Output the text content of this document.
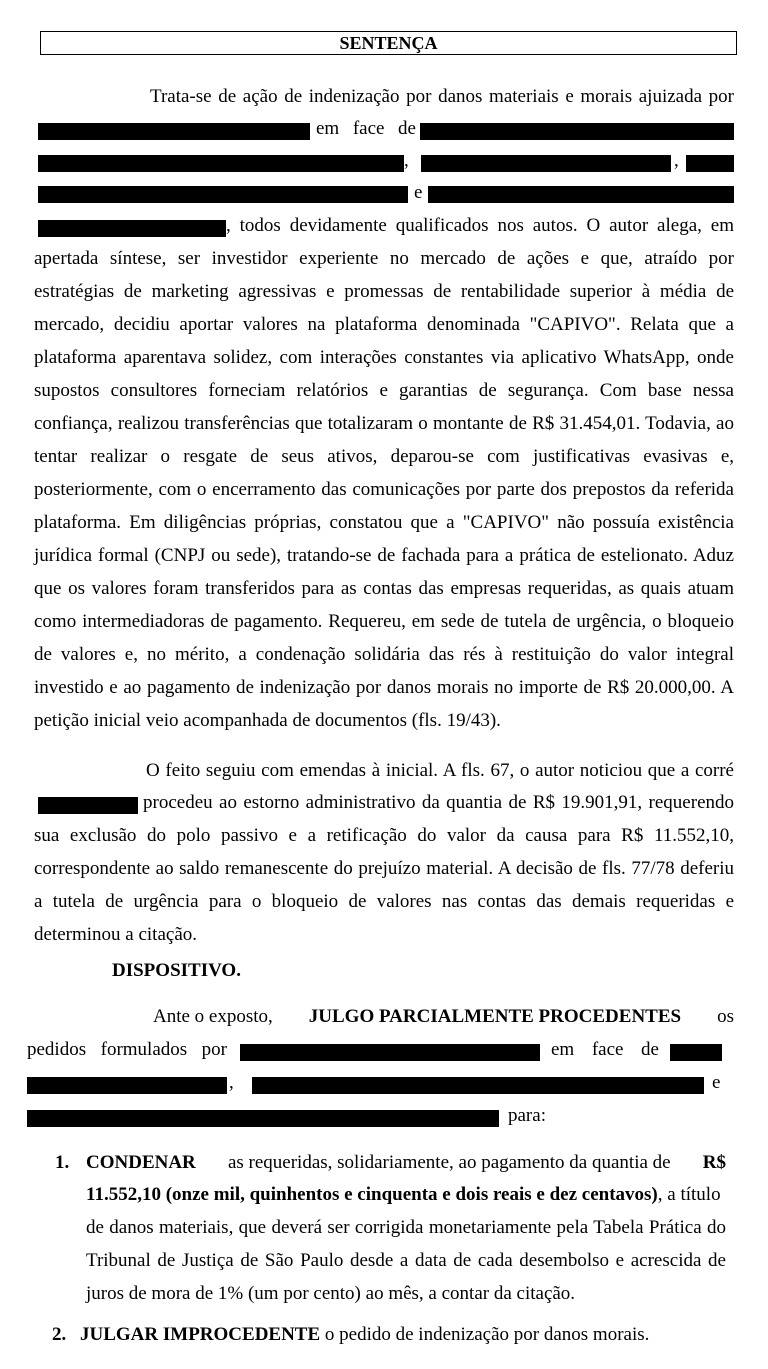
SENTENÇA
Trata-se de ação de indenização por danos materiais e morais ajuizada por
em face de
,	,
e
, todos devidamente qualificados nos autos. O autor alega, em
apertada síntese, ser investidor experiente no mercado de ações e que, atraído por
estratégias de marketing agressivas e promessas de rentabilidade superior à média de
mercado, decidiu aportar valores na plataforma denominada "CAPIVO". Relata que a
plataforma aparentava solidez, com interações constantes via aplicativo WhatsApp, onde
supostos consultores forneciam relatórios e garantias de segurança. Com base nessa
confiança, realizou transferências que totalizaram o montante de R$ 31.454,01. Todavia, ao
tentar realizar o resgate de seus ativos, deparou-se com justificativas evasivas e,
posteriormente, com o encerramento das comunicações por parte dos prepostos da referida
plataforma. Em diligências próprias, constatou que a "CAPIVO" não possuía existência
jurídica formal (CNPJ ou sede), tratando-se de fachada para a prática de estelionato. Aduz
que os valores foram transferidos para as contas das empresas requeridas, as quais atuam
como intermediadoras de pagamento. Requereu, em sede de tutela de urgência, o bloqueio
de valores e, no mérito, a condenação solidária das rés à restituição do valor integral
investido e ao pagamento de indenização por danos morais no importe de R$ 20.000,00. A
petição inicial veio acompanhada de documentos (fls. 19/43).
O feito seguiu com emendas à inicial. A fls. 67, o autor noticiou que a corré
procedeu ao estorno administrativo da quantia de R$ 19.901,91, requerendo
sua exclusão do polo passivo e a retificação do valor da causa para R$ 11.552,10,
correspondente ao saldo remanescente do prejuízo material. A decisão de fls. 77/78 deferiu
a tutela de urgência para o bloqueio de valores nas contas das demais requeridas e
determinou a citação.
DISPOSITIVO.
Ante o exposto, JULGO PARCIALMENTE PROCEDENTES os
pedidos formulados por	em face de
,	e
para:
1. CONDENAR as requeridas, solidariamente, ao pagamento da quantia de R$
11.552,10 (onze mil, quinhentos e cinquenta e dois reais e dez centavos), a título
de danos materiais, que deverá ser corrigida monetariamente pela Tabela Prática do
Tribunal de Justiça de São Paulo desde a data de cada desembolso e acrescida de
juros de mora de 1% (um por cento) ao mês, a contar da citação.
2. JULGAR IMPROCEDENTE o pedido de indenização por danos morais.
